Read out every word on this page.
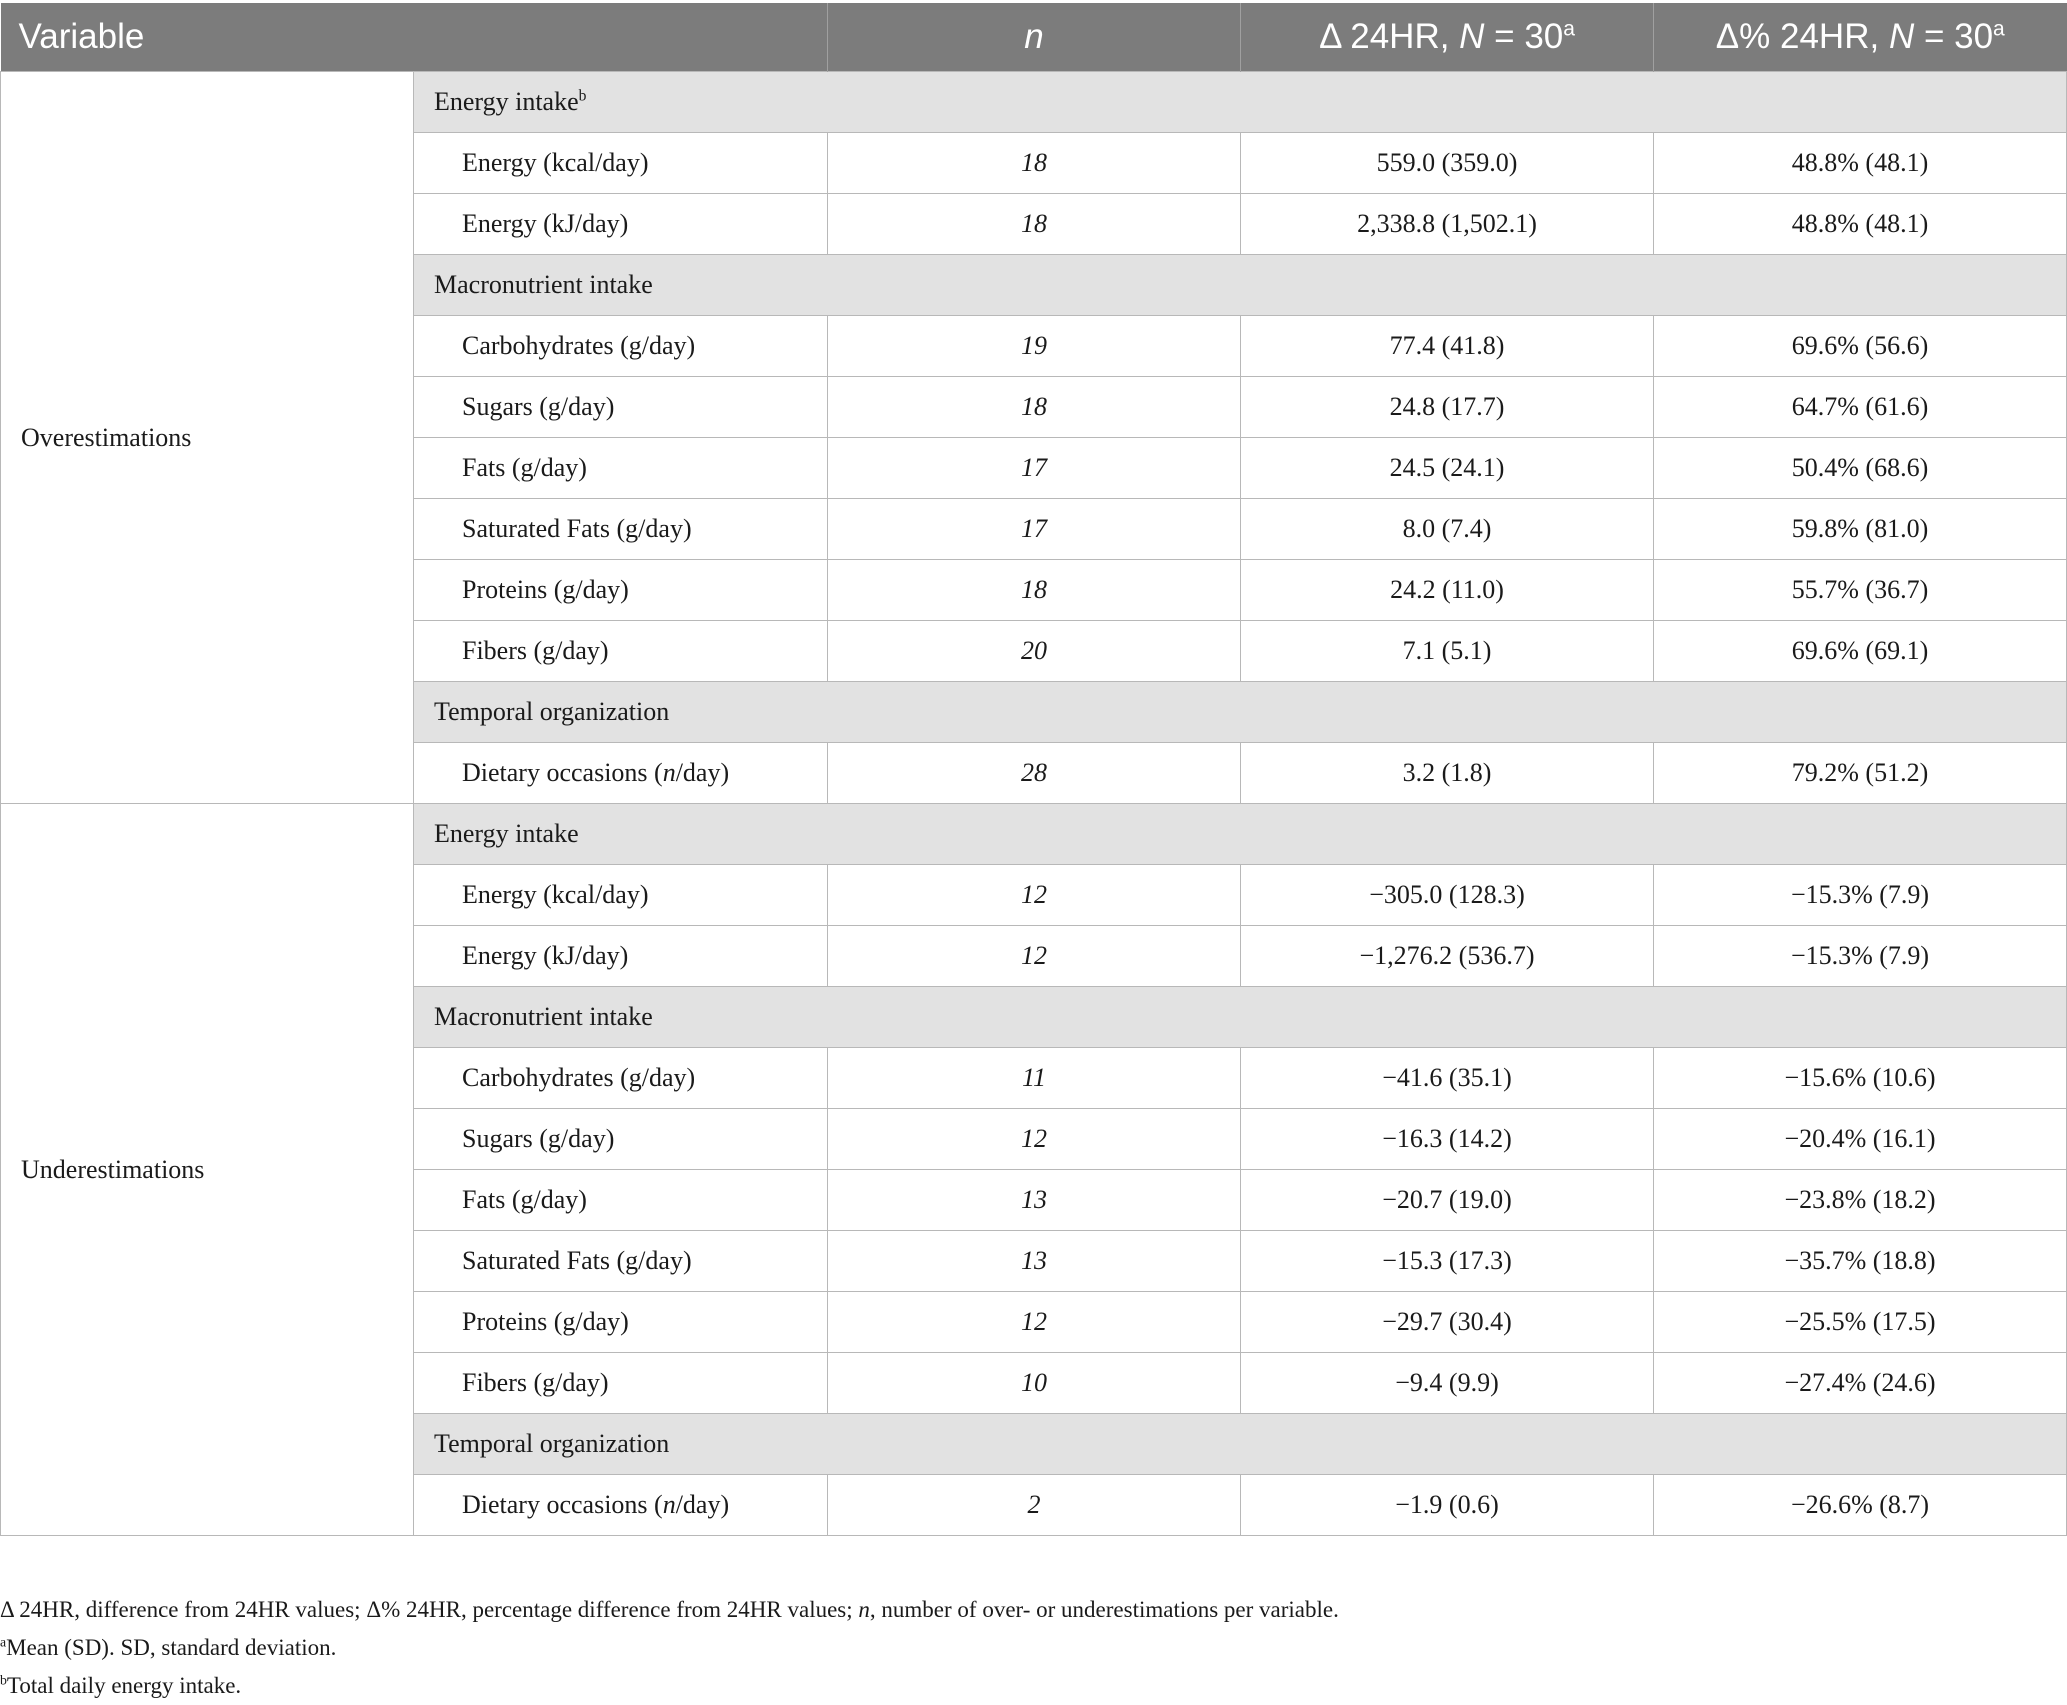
Variable		n	Δ 24HR, $N = 30^a$	Δ% 24HR, $N = 30^a$
Overestimations	Energy intake$^b$
	Energy (kcal/day)	18	559.0 (359.0)	48.8% (48.1)
	Energy (kJ/day)	18	2,338.8 (1,502.1)	48.8% (48.1)
	Macronutrient intake			
	Carbohydrates (g/day)	19	77.4 (41.8)	69.6% (56.6)
	Sugars (g/day)	18	24.8 (17.7)	64.7% (61.6)
	Fats (g/day)	17	24.5 (24.1)	50.4% (68.6)
	Saturated Fats (g/day)	17	8.0 (7.4)	59.8% (81.0)
	Proteins (g/day)	18	24.2 (11.0)	55.7% (36.7)
	Fibers (g/day)	20	7.1 (5.1)	69.6% (69.1)
	Temporal organization			
	Dietary occasions (n/day)	28	3.2 (1.8)	79.2% (51.2)
Underestimations	Energy intake			
	Energy (kcal/day)	12	−305.0 (128.3)	−15.3% (7.9)
	Energy (kJ/day)	12	−1,276.2 (536.7)	−15.3% (7.9)
	Macronutrient intake			
	Carbohydrates (g/day)	11	−41.6 (35.1)	−15.6% (10.6)
	Sugars (g/day)	12	−16.3 (14.2)	−20.4% (16.1)
	Fats (g/day)	13	−20.7 (19.0)	−23.8% (18.2)
	Saturated Fats (g/day)	13	−15.3 (17.3)	−35.7% (18.8)
	Proteins (g/day)	12	−29.7 (30.4)	−25.5% (17.5)
	Fibers (g/day)	10	−9.4 (9.9)	−27.4% (24.6)
	Temporal organization			
	Dietary occasions (n/day)	2	−1.9 (0.6)	−26.6% (8.7)
Δ 24HR, difference from 24HR values; Δ% 24HR, percentage difference from 24HR values; n, number of over- or underestimations per variable.
$^a$Mean (SD). SD, standard deviation.
$^b$Total daily energy intake.
